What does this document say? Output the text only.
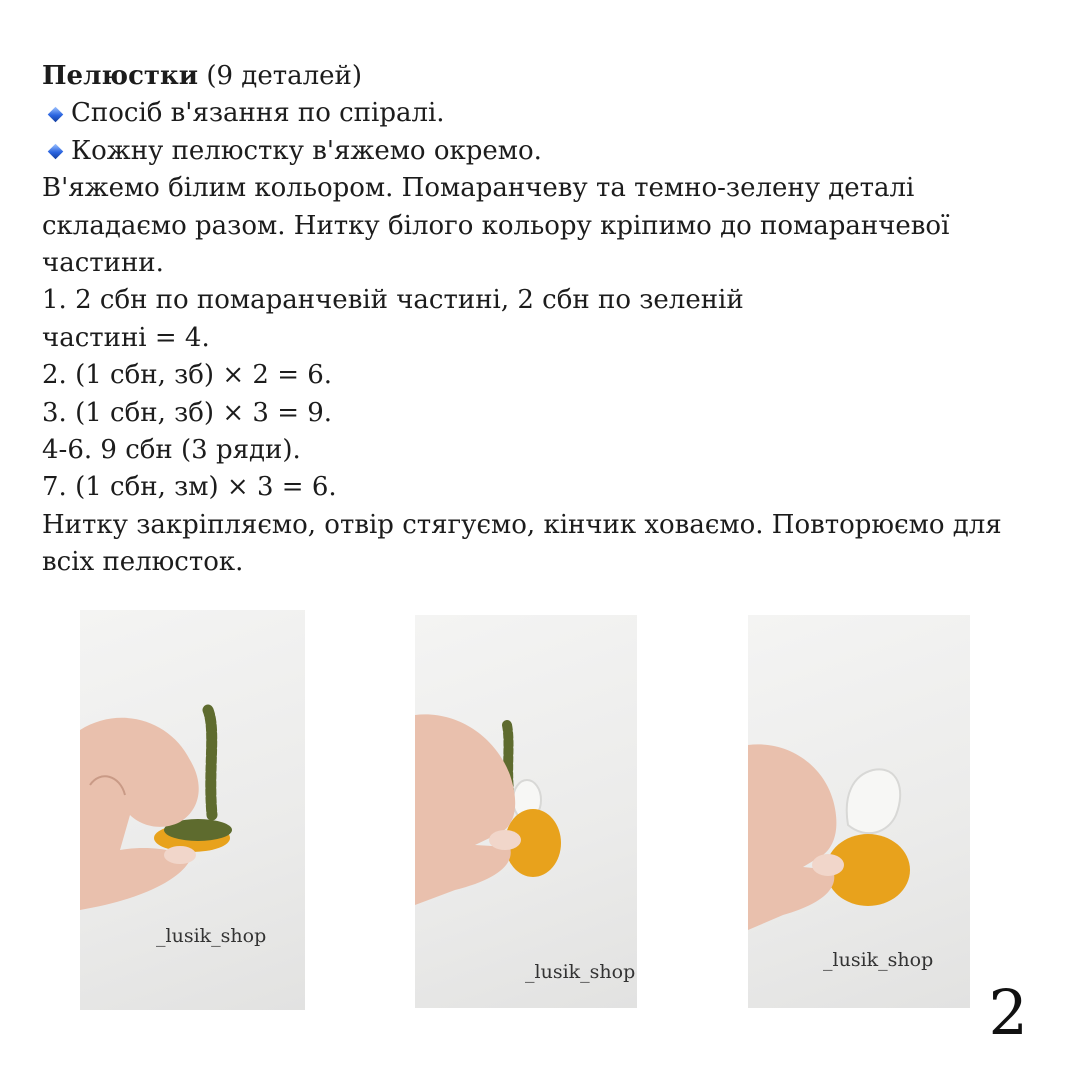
Пелюстки (9 деталей)
Спосіб в'язання по спіралі.
Кожну пелюстку в'яжемо окремо.
В'яжемо білим кольором. Помаранчеву та темно-зелену деталі
складаємо разом. Нитку білого кольору кріпимо до помаранчевої
частини.
1. 2 сбн по помаранчевій частині, 2 сбн по зеленій
частині = 4.
2. (1 сбн, зб) × 2 = 6.
3. (1 сбн, зб) × 3 = 9.
4-6. 9 сбн (3 ряди).
7. (1 сбн, зм) × 3 = 6.
Нитку закріпляємо, отвір стягуємо, кінчик ховаємо. Повторюємо для
всіх пелюсток.
_lusik_shop
_lusik_shop
_lusik_shop
2
